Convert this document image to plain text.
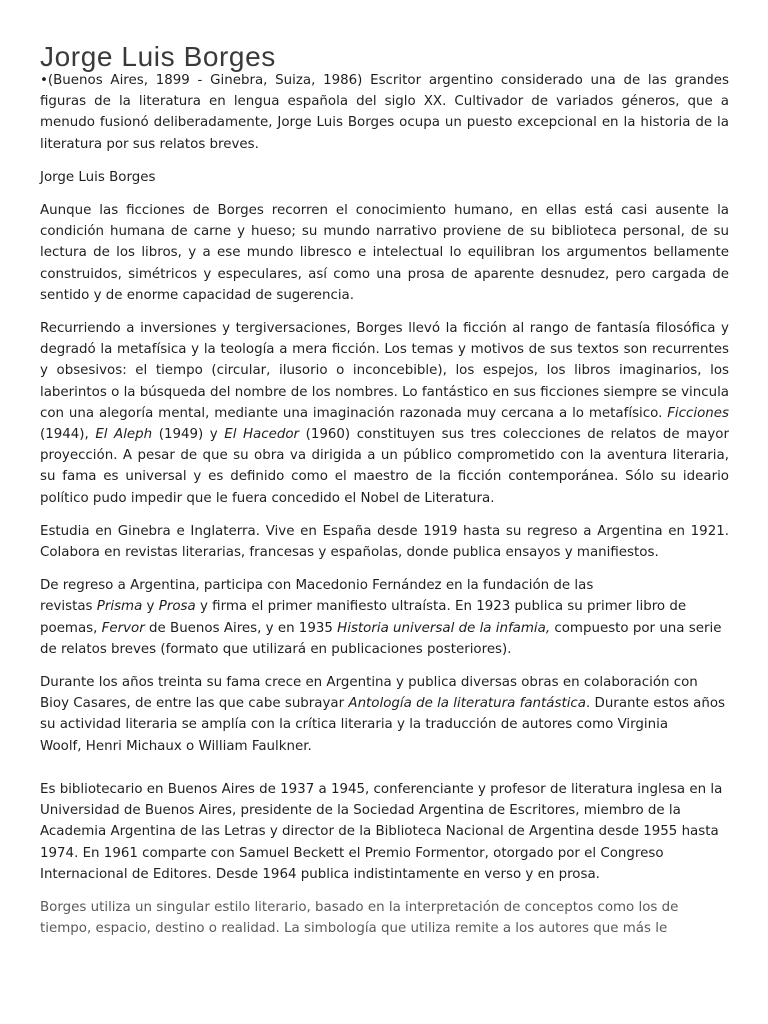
Jorge Luis Borges

•(Buenos Aires, 1899 - Ginebra, Suiza, 1986) Escritor argentino considerado una de las grandes figuras de la literatura en lengua española del siglo XX. Cultivador de variados géneros, que a menudo fusionó deliberadamente, Jorge Luis Borges ocupa un puesto excepcional en la historia de la literatura por sus relatos breves.

Jorge Luis Borges

Aunque las ficciones de Borges recorren el conocimiento humano, en ellas está casi ausente la condición humana de carne y hueso; su mundo narrativo proviene de su biblioteca personal, de su lectura de los libros, y a ese mundo libresco e intelectual lo equilibran los argumentos bellamente construidos, simétricos y especulares, así como una prosa de aparente desnudez, pero cargada de sentido y de enorme capacidad de sugerencia.

Recurriendo a inversiones y tergiversaciones, Borges llevó la ficción al rango de fantasía filosófica y degradó la metafísica y la teología a mera ficción. Los temas y motivos de sus textos son recurrentes y obsesivos: el tiempo (circular, ilusorio o inconcebible), los espejos, los libros imaginarios, los laberintos o la búsqueda del nombre de los nombres. Lo fantástico en sus ficciones siempre se vincula con una alegoría mental, mediante una imaginación razonada muy cercana a lo metafísico. Ficciones (1944), El Aleph (1949) y El Hacedor (1960) constituyen sus tres colecciones de relatos de mayor proyección. A pesar de que su obra va dirigida a un público comprometido con la aventura literaria, su fama es universal y es definido como el maestro de la ficción contemporánea. Sólo su ideario político pudo impedir que le fuera concedido el Nobel de Literatura.

Estudia en Ginebra e Inglaterra. Vive en España desde 1919 hasta su regreso a Argentina en 1921. Colabora en revistas literarias, francesas y españolas, donde publica ensayos y manifiestos.

De regreso a Argentina, participa con Macedonio Fernández en la fundación de las
revistas Prisma y Prosa y firma el primer manifiesto ultraísta. En 1923 publica su primer libro de poemas, Fervor de Buenos Aires, y en 1935 Historia universal de la infamia, compuesto por una serie de relatos breves (formato que utilizará en publicaciones posteriores).

Durante los años treinta su fama crece en Argentina y publica diversas obras en colaboración con Bioy Casares, de entre las que cabe subrayar Antología de la literatura fantástica. Durante estos años su actividad literaria se amplía con la crítica literaria y la traducción de autores como Virginia
Woolf, Henri Michaux o William Faulkner.

Es bibliotecario en Buenos Aires de 1937 a 1945, conferenciante y profesor de literatura inglesa en la Universidad de Buenos Aires, presidente de la Sociedad Argentina de Escritores, miembro de la Academia Argentina de las Letras y director de la Biblioteca Nacional de Argentina desde 1955 hasta 1974. En 1961 comparte con Samuel Beckett el Premio Formentor, otorgado por el Congreso Internacional de Editores. Desde 1964 publica indistintamente en verso y en prosa.

Borges utiliza un singular estilo literario, basado en la interpretación de conceptos como los de tiempo, espacio, destino o realidad. La simbología que utiliza remite a los autores que más le
